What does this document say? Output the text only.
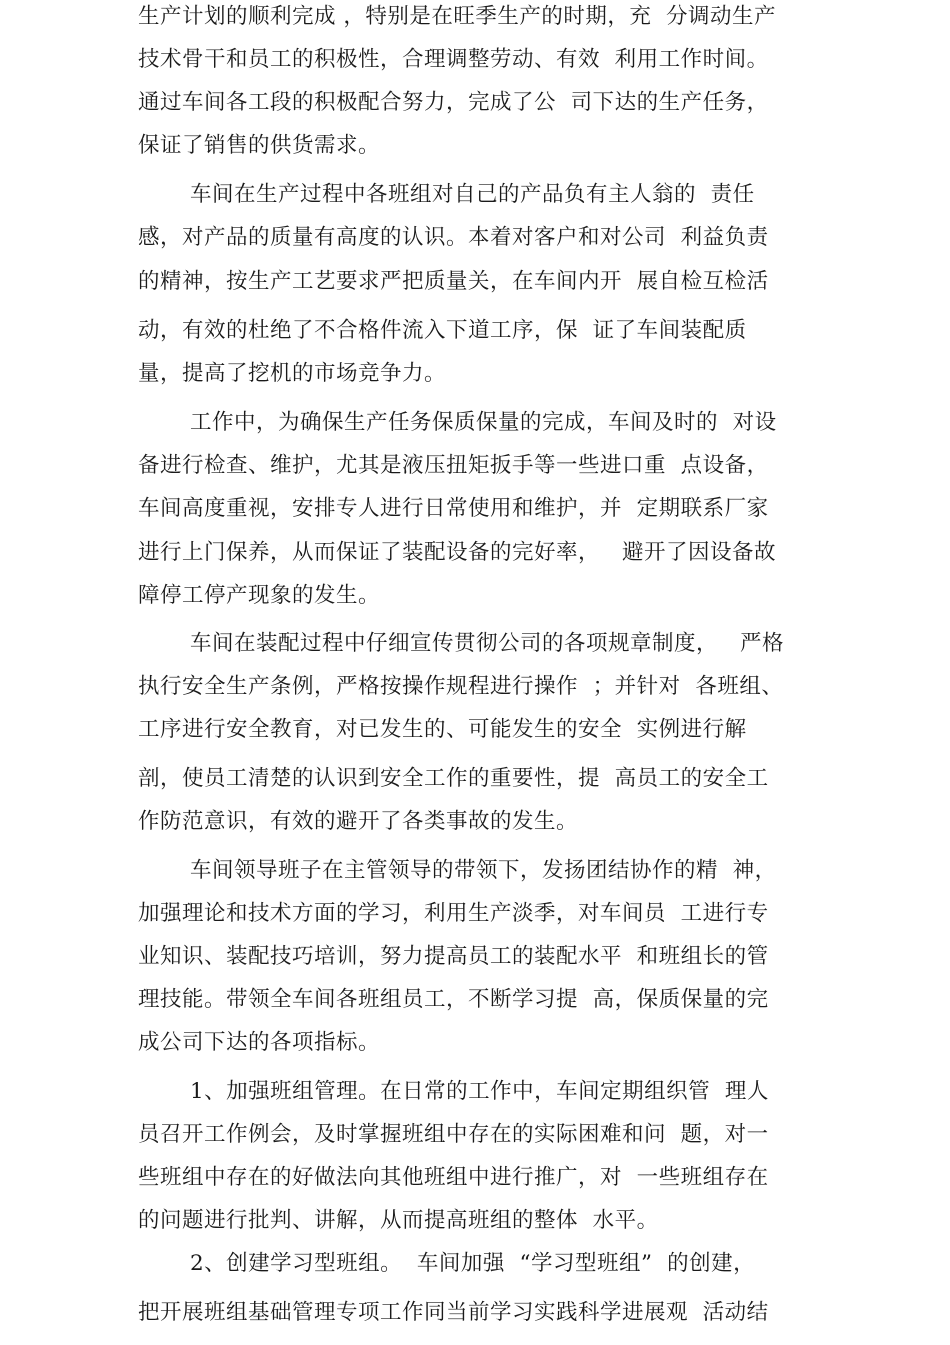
生产计划的顺利完成 ，特别是在旺季生产的时期，充  分调动生产
技术骨干和员工的积极性，合理调整劳动、有效  利用工作时间。
通过车间各工段的积极配合努力，完成了公  司下达的生产任务，
保证了销售的供货需求。
车间在生产过程中各班组对自己的产品负有主人翁的  责任
感，对产品的质量有高度的认识。本着对客户和对公司  利益负责
的精神，按生产工艺要求严把质量关，在车间内开  展自检互检活
动，有效的杜绝了不合格件流入下道工序，保  证了车间装配质
量，提高了挖机的市场竞争力。
工作中，为确保生产任务保质保量的完成，车间及时的  对设
备进行检查、维护，尤其是液压扭矩扳手等一些进口重  点设备，
车间高度重视，安排专人进行日常使用和维护，并  定期联系厂家
进行上门保养，从而保证了装配设备的完好率，   避开了因设备故
障停工停产现象的发生。
车间在装配过程中仔细宣传贯彻公司的各项规章制度，   严格
执行安全生产条例，严格按操作规程进行操作  ；并针对  各班组、
工序进行安全教育，对已发生的、可能发生的安全  实例进行解
剖，使员工清楚的认识到安全工作的重要性，提  高员工的安全工
作防范意识，有效的避开了各类事故的发生。
车间领导班子在主管领导的带领下，发扬团结协作的精  神，
加强理论和技术方面的学习，利用生产淡季，对车间员  工进行专
业知识、装配技巧培训，努力提高员工的装配水平  和班组长的管
理技能。带领全车间各班组员工，不断学习提  高，保质保量的完
成公司下达的各项指标。
1、加强班组管理。在日常的工作中，车间定期组织管  理人
员召开工作例会，及时掌握班组中存在的实际困难和问  题，对一
些班组中存在的好做法向其他班组中进行推广，对  一些班组存在
的问题进行批判、讲解，从而提高班组的整体  水平。
2、创建学习型班组。  车间加强  “学习型班组”  的创建，
把开展班组基础管理专项工作同当前学习实践科学进展观  活动结
